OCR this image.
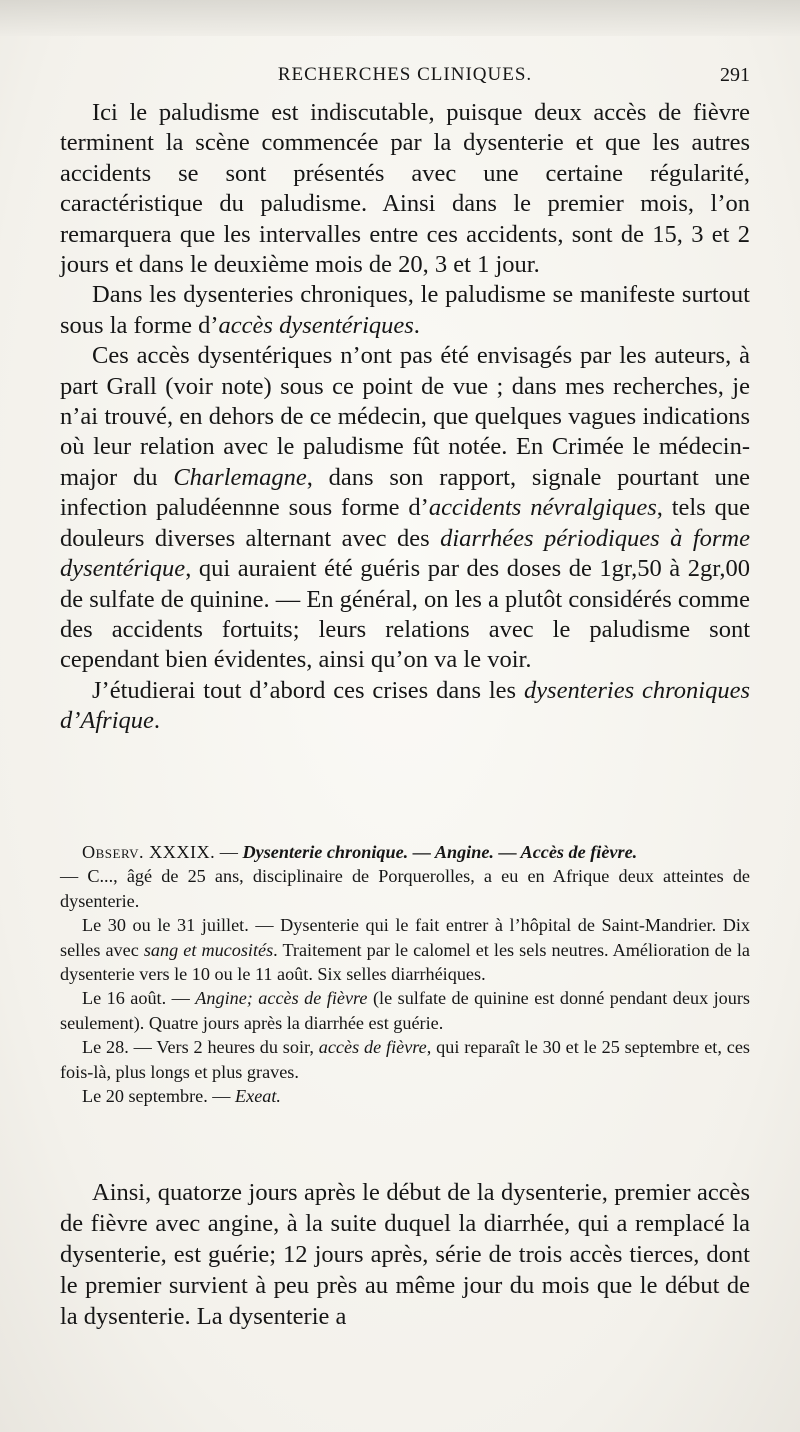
RECHERCHES CLINIQUES.	291

Ici le paludisme est indiscutable, puisque deux accès de fièvre terminent la scène commencée par la dysenterie et que les autres accidents se sont présentés avec une certaine régularité, caractéristique du paludisme. Ainsi dans le premier mois, l’on remarquera que les intervalles entre ces accidents, sont de 15, 3 et 2 jours et dans le deuxième mois de 20, 3 et 1 jour.

Dans les dysenteries chroniques, le paludisme se manifeste surtout sous la forme d’accès dysentériques.

Ces accès dysentériques n’ont pas été envisagés par les auteurs, à part Grall (voir note) sous ce point de vue ; dans mes recherches, je n’ai trouvé, en dehors de ce médecin, que quelques vagues indications où leur relation avec le paludisme fût notée. En Crimée le médecin-major du Charlemagne, dans son rapport, signale pourtant une infection paludéennne sous forme d’accidents névralgiques, tels que douleurs diverses alternant avec des diarrhées périodiques à forme dysentérique, qui auraient été guéris par des doses de 1gr,50 à 2gr,00 de sulfate de quinine. — En général, on les a plutôt considérés comme des accidents fortuits; leurs relations avec le paludisme sont cependant bien évidentes, ainsi qu’on va le voir.

J’étudierai tout d’abord ces crises dans les dysenteries chroniques d’Afrique.

Observ. XXXIX. — Dysenterie chronique. — Angine. — Accès de fièvre.

— C..., âgé de 25 ans, disciplinaire de Porquerolles, a eu en Afrique deux atteintes de dysenterie.

Le 30 ou le 31 juillet. — Dysenterie qui le fait entrer à l’hôpital de Saint-Mandrier. Dix selles avec sang et mucosités. Traitement par le calomel et les sels neutres. Amélioration de la dysenterie vers le 10 ou le 11 août. Six selles diarrhéiques.

Le 16 août. — Angine; accès de fièvre (le sulfate de quinine est donné pendant deux jours seulement). Quatre jours après la diarrhée est guérie.

Le 28. — Vers 2 heures du soir, accès de fièvre, qui reparaît le 30 et le 25 septembre et, ces fois-là, plus longs et plus graves.

Le 20 septembre. — Exeat.

Ainsi, quatorze jours après le début de la dysenterie, premier accès de fièvre avec angine, à la suite duquel la diarrhée, qui a remplacé la dysenterie, est guérie; 12 jours après, série de trois accès tierces, dont le premier survient à peu près au même jour du mois que le début de la dysenterie. La dysenterie a
